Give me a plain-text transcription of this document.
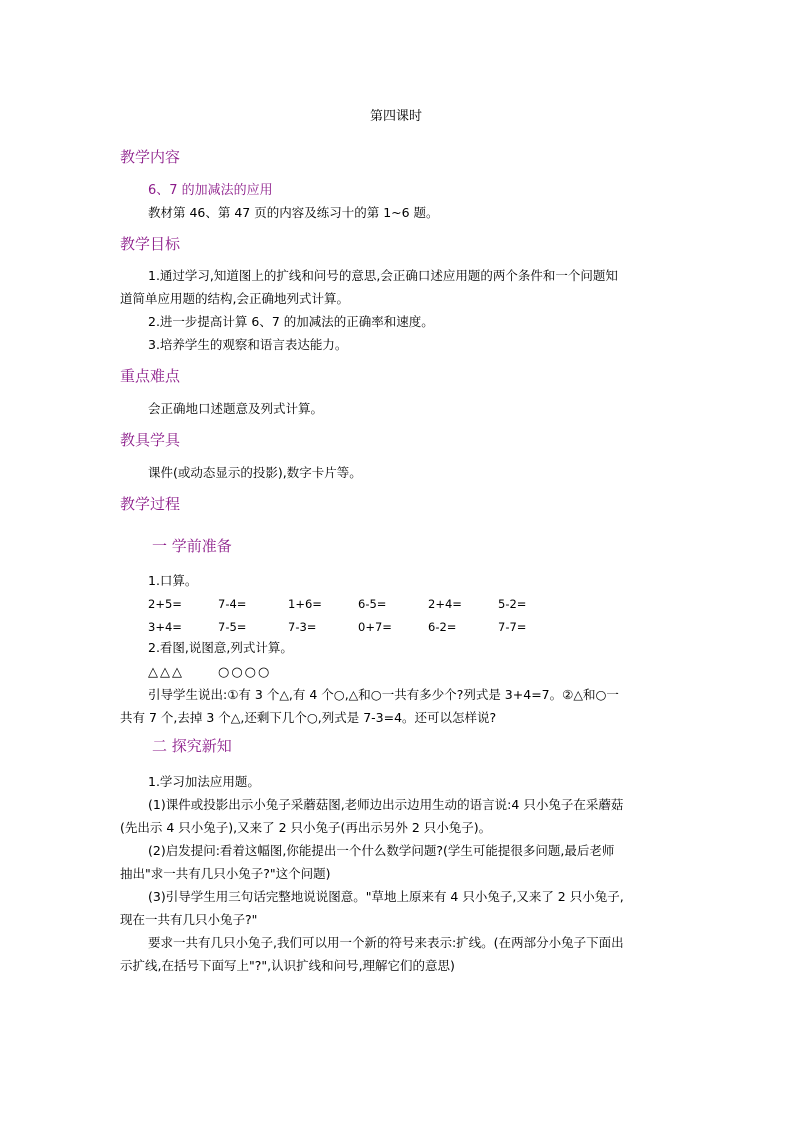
第四课时
教学内容
6、7 的加减法的应用
教材第 46、第 47 页的内容及练习十的第 1~6 题。
教学目标
1.通过学习,知道图上的扩线和问号的意思,会正确口述应用题的两个条件和一个问题知
道简单应用题的结构,会正确地列式计算。
2.进一步提高计算 6、7 的加减法的正确率和速度。
3.培养学生的观察和语言表达能力。
重点难点
会正确地口述题意及列式计算。
教具学具
课件(或动态显示的投影),数字卡片等。
教学过程
一 学前准备
1.口算。
2+5=	7-4=	1+6=	6-5=	2+4=	5-2=
3+4=	7-5=	7-3=	0+7=	6-2=	7-7=
2.看图,说图意,列式计算。
△△△	○○○○
引导学生说出:①有 3 个△,有 4 个○,△和○一共有多少个?列式是 3+4=7。②△和○一
共有 7 个,去掉 3 个△,还剩下几个○,列式是 7-3=4。还可以怎样说?
二 探究新知
1.学习加法应用题。
(1)课件或投影出示小兔子采蘑菇图,老师边出示边用生动的语言说:4 只小兔子在采蘑菇
(先出示 4 只小兔子),又来了 2 只小兔子(再出示另外 2 只小兔子)。
(2)启发提问:看着这幅图,你能提出一个什么数学问题?(学生可能提很多问题,最后老师
抽出"求一共有几只小兔子?"这个问题)
(3)引导学生用三句话完整地说说图意。"草地上原来有 4 只小兔子,又来了 2 只小兔子,
现在一共有几只小兔子?"
要求一共有几只小兔子,我们可以用一个新的符号来表示:扩线。(在两部分小兔子下面出
示扩线,在括号下面写上"?",认识扩线和问号,理解它们的意思)
